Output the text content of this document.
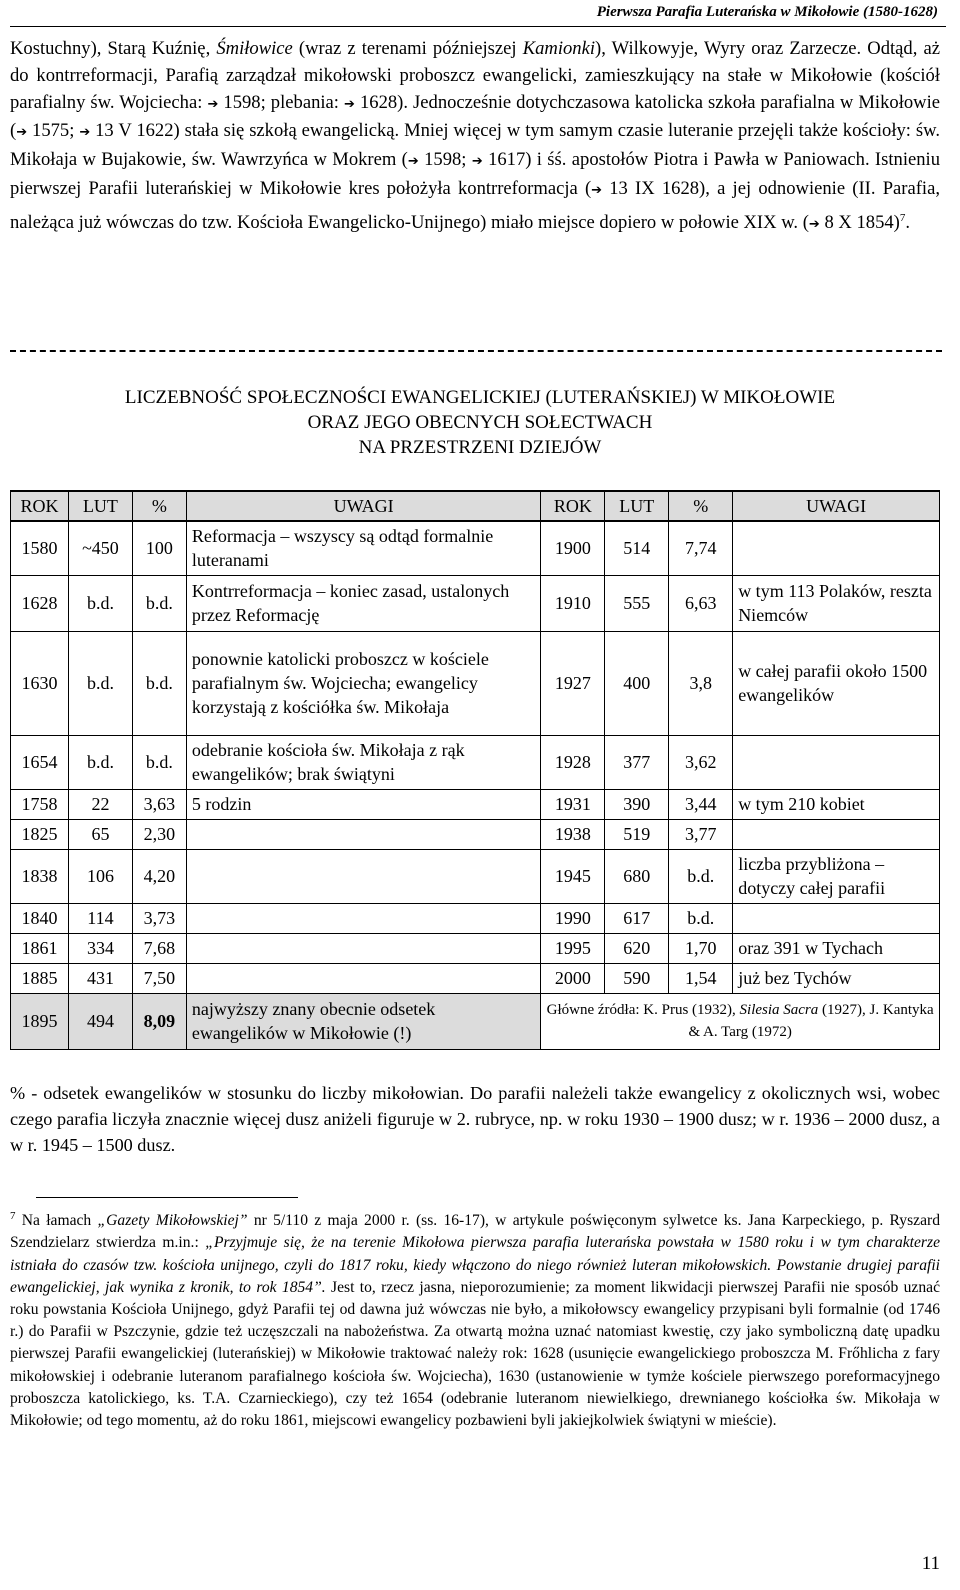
Pierwsza Parafia Luterańska w Mikołowie (1580-1628)

Kostuchny), Starą Kuźnię, Śmiłowice (wraz z terenami późniejszej Kamionki), Wilkowyje, Wyry oraz Zarzecze. Odtąd, aż do kontrreformacji, Parafią zarządzał mikołowski proboszcz ewangelicki, zamieszkujący na stałe w Mikołowie (kościół parafialny św. Wojciecha: ➔ 1598; plebania: ➔ 1628). Jednocześnie dotychczasowa katolicka szkoła parafialna w Mikołowie (➔ 1575; ➔ 13 V 1622) stała się szkołą ewangelicką. Mniej więcej w tym samym czasie luteranie przejęli także kościoły: św. Mikołaja w Bujakowie, św. Wawrzyńca w Mokrem (➔ 1598; ➔ 1617) i śś. apostołów Piotra i Pawła w Paniowach. Istnieniu pierwszej Parafii luterańskiej w Mikołowie kres położyła kontrreformacja (➔ 13 IX 1628), a jej odnowienie (II. Parafia, należąca już wówczas do tzw. Kościoła Ewangelicko-Unijnego) miało miejsce dopiero w połowie XIX w. (➔ 8 X 1854)$^7$.

LICZEBNOŚĆ SPOŁECZNOŚCI EWANGELICKIEJ (LUTERAŃSKIEJ) W MIKOŁOWIE
ORAZ JEGO OBECNYCH SOŁECTWACH
NA PRZESTRZENI DZIEJÓW
ROK	LUT	%	UWAGI	ROK	LUT	%	UWAGI
1580	~450	100	Reformacja – wszyscy są odtąd formalnie luteranami	1900	514	7,74	
1628	b.d.	b.d.	Kontrreformacja – koniec zasad, ustalonych przez Reformację	1910	555	6,63	w tym 113 Polaków, reszta Niemców
1630	b.d.	b.d.	ponownie katolicki proboszcz w kościele parafialnym św. Wojciecha; ewangelicy korzystają z kościółka św. Mikołaja	1927	400	3,8	w całej parafii około 1500 ewangelików
1654	b.d.	b.d.	odebranie kościoła św. Mikołaja z rąk ewangelików; brak świątyni	1928	377	3,62	
1758	22	3,63	5 rodzin	1931	390	3,44	w tym 210 kobiet
1825	65	2,30		1938	519	3,77	
1838	106	4,20		1945	680	b.d.	liczba przybliżona – dotyczy całej parafii
1840	114	3,73		1990	617	b.d.	
1861	334	7,68		1995	620	1,70	oraz 391 w Tychach
1885	431	7,50		2000	590	1,54	już bez Tychów
1895	494	8,09	najwyższy znany obecnie odsetek ewangelików w Mikołowie (!)	Główne źródła: K. Prus (1932), Silesia Sacra (1927), J. Kantyka & A. Targ (1972)			

% - odsetek ewangelików w stosunku do liczby mikołowian. Do parafii należeli także ewangelicy z okolicznych wsi, wobec czego parafia liczyła znacznie więcej dusz aniżeli figuruje w 2. rubryce, np. w roku 1930 – 1900 dusz; w r. 1936 – 2000 dusz, a w r. 1945 – 1500 dusz.

$^7$ Na łamach „Gazety Mikołowskiej” nr 5/110 z maja 2000 r. (ss. 16-17), w artykule poświęconym sylwetce ks. Jana Karpeckiego, p. Ryszard Szendzielarz stwierdza m.in.: „Przyjmuje się, że na terenie Mikołowa pierwsza parafia luterańska powstała w 1580 roku i w tym charakterze istniała do czasów tzw. kościoła unijnego, czyli do 1817 roku, kiedy włączono do niego również luteran mikołowskich. Powstanie drugiej parafii ewangelickiej, jak wynika z kronik, to rok 1854”. Jest to, rzecz jasna, nieporozumienie; za moment likwidacji pierwszej Parafii nie sposób uznać roku powstania Kościoła Unijnego, gdyż Parafii tej od dawna już wówczas nie było, a mikołowscy ewangelicy przypisani byli formalnie (od 1746 r.) do Parafii w Pszczynie, gdzie też uczęszczali na nabożeństwa. Za otwartą można uznać natomiast kwestię, czy jako symboliczną datę upadku pierwszej Parafii ewangelickiej (luterańskiej) w Mikołowie traktować należy rok: 1628 (usunięcie ewangelickiego proboszcza M. Frőhlicha z fary mikołowskiej i odebranie luteranom parafialnego kościoła św. Wojciecha), 1630 (ustanowienie w tymże kościele pierwszego poreformacyjnego proboszcza katolickiego, ks. T.A. Czarnieckiego), czy też 1654 (odebranie luteranom niewielkiego, drewnianego kościołka św. Mikołaja w Mikołowie; od tego momentu, aż do roku 1861, miejscowi ewangelicy pozbawieni byli jakiejkolwiek świątyni w mieście).

11
